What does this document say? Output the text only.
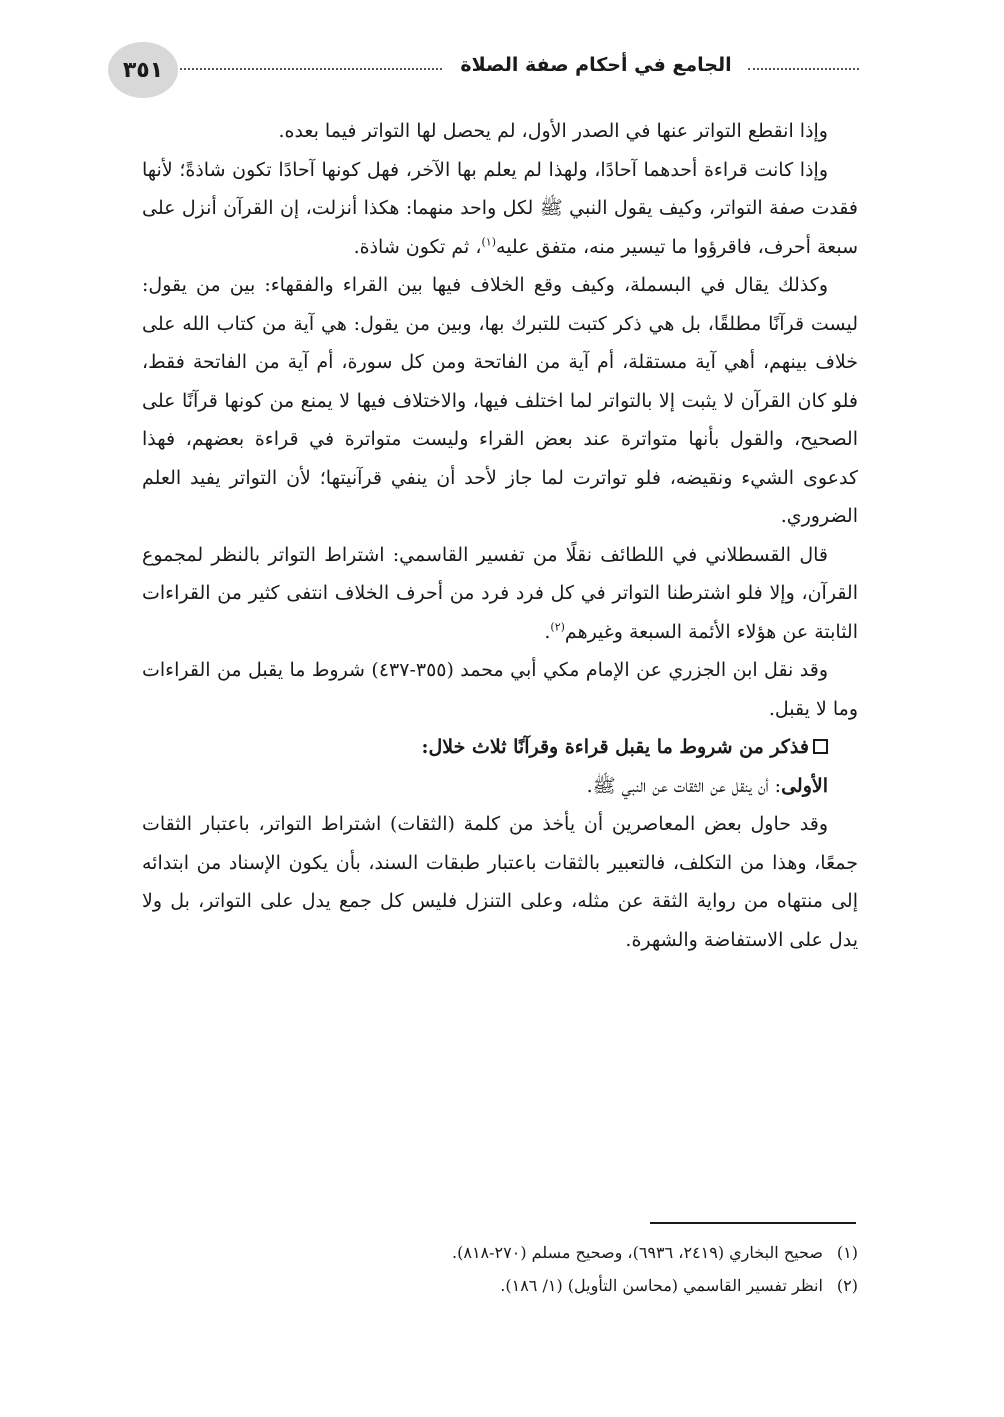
٣٥١	الجامع في أحكام صفة الصلاة

وإذا انقطع التواتر عنها في الصدر الأول، لم يحصل لها التواتر فيما بعده.

وإذا كانت قراءة أحدهما آحادًا، ولهذا لم يعلم بها الآخر، فهل كونها آحادًا تكون شاذةً؛ لأنها فقدت صفة التواتر، وكيف يقول النبي ﷺ لكل واحد منهما: هكذا أنزلت، إن القرآن أنزل على سبعة أحرف، فاقرؤوا ما تيسير منه، متفق عليه$^{(١)}$، ثم تكون شاذة.

وكذلك يقال في البسملة، وكيف وقع الخلاف فيها بين القراء والفقهاء: بين من يقول: ليست قرآنًا مطلقًا، بل هي ذكر كتبت للتبرك بها، وبين من يقول: هي آية من كتاب الله على خلاف بينهم، أهي آية مستقلة، أم آية من الفاتحة ومن كل سورة، أم آية من الفاتحة فقط، فلو كان القرآن لا يثبت إلا بالتواتر لما اختلف فيها، والاختلاف فيها لا يمنع من كونها قرآنًا على الصحيح، والقول بأنها متواترة عند بعض القراء وليست متواترة في قراءة بعضهم، فهذا كدعوى الشيء ونقيضه، فلو تواترت لما جاز لأحد أن ينفي قرآنيتها؛ لأن التواتر يفيد العلم الضروري.

قال القسطلاني في اللطائف نقلًا من تفسير القاسمي: اشتراط التواتر بالنظر لمجموع القرآن، وإلا فلو اشترطنا التواتر في كل فرد فرد من أحرف الخلاف انتفى كثير من القراءات الثابتة عن هؤلاء الأئمة السبعة وغيرهم$^{(٢)}$.

وقد نقل ابن الجزري عن الإمام مكي أبي محمد (٣٥٥-٤٣٧) شروط ما يقبل من القراءات وما لا يقبل.

فذكر من شروط ما يقبل قراءة وقرآنًا ثلاث خلال:

الأولى: أن ينقل عن الثقات عن النبي ﷺ.

وقد حاول بعض المعاصرين أن يأخذ من كلمة (الثقات) اشتراط التواتر، باعتبار الثقات جمعًا، وهذا من التكلف، فالتعبير بالثقات باعتبار طبقات السند، بأن يكون الإسناد من ابتدائه إلى منتهاه من رواية الثقة عن مثله، وعلى التنزل فليس كل جمع يدل على التواتر، بل ولا يدل على الاستفاضة والشهرة.

(١)صحيح البخاري (٢٤١٩، ٦٩٣٦)، وصحيح مسلم (٢٧٠-٨١٨).

(٢)انظر تفسير القاسمي (محاسن التأويل) (١/ ١٨٦).
